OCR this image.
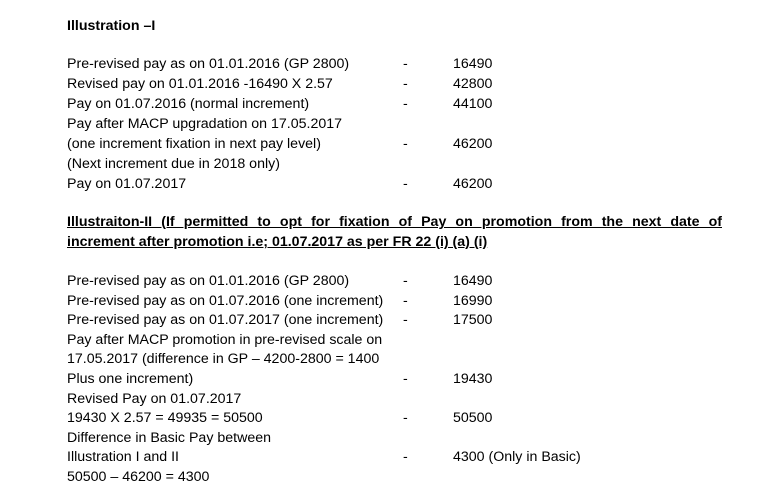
Illustration –I
Pre-revised pay as on 01.01.2016 (GP 2800)	-	16490
Revised pay on 01.01.2016 -16490 X 2.57	-	42800
Pay on 01.07.2016 (normal increment)	-	44100
Pay after MACP upgradation on 17.05.2017
(one increment fixation in next pay level)	-	46200
(Next increment due in 2018 only)
Pay on 01.07.2017	-	46200
Illustraiton-II (If permitted to opt for fixation of Pay on promotion from the next date of
increment after promotion i.e; 01.07.2017 as per FR 22 (i) (a) (i)
Pre-revised pay as on 01.01.2016 (GP 2800)	-	16490
Pre-revised pay as on 01.07.2016 (one increment) -	16990
Pre-revised pay as on 01.07.2017 (one increment) -	17500
Pay after MACP promotion in pre-revised scale on
17.05.2017 (difference in GP – 4200-2800 = 1400
Plus one increment)	-	19430
Revised Pay on 01.07.2017
19430 X 2.57 = 49935 = 50500	-	50500
Difference in Basic Pay between
Illustration I and II	-	4300 (Only in Basic)
50500 – 46200 = 4300
